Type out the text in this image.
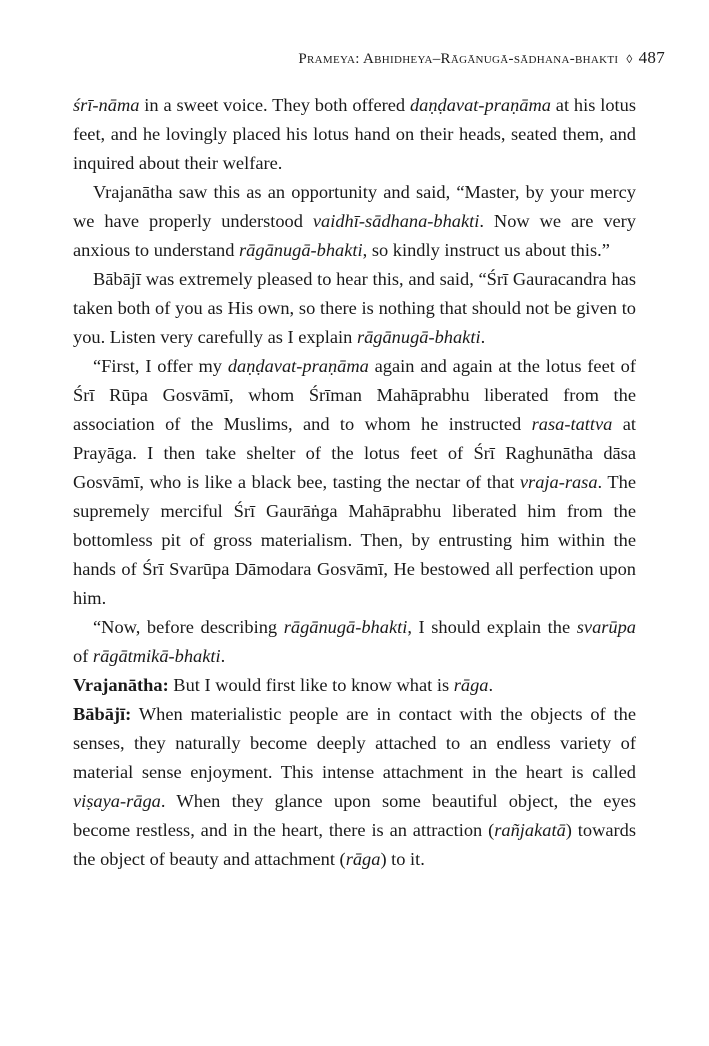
Prameya: Abhidheya–Rāgānugā-sādhana-bhakti ◊ 487

śrī-nāma in a sweet voice. They both offered daṇḍavat-praṇāma at his lotus feet, and he lovingly placed his lotus hand on their heads, seated them, and inquired about their welfare.

Vrajanātha saw this as an opportunity and said, “Master, by your mercy we have properly understood vaidhī-sādhana-bhakti. Now we are very anxious to understand rāgānugā-bhakti, so kindly instruct us about this.”

Bābājī was extremely pleased to hear this, and said, “Śrī Gauracandra has taken both of you as His own, so there is nothing that should not be given to you. Listen very carefully as I explain rāgānugā-bhakti.

“First, I offer my daṇḍavat-praṇāma again and again at the lotus feet of Śrī Rūpa Gosvāmī, whom Śrīman Mahāprabhu liberated from the association of the Muslims, and to whom he instructed rasa-tattva at Prayāga. I then take shelter of the lotus feet of Śrī Raghunātha dāsa Gosvāmī, who is like a black bee, tasting the nectar of that vraja-rasa. The supremely merciful Śrī Gaurāṅga Mahāprabhu liberated him from the bottomless pit of gross materialism. Then, by entrusting him within the hands of Śrī Svarūpa Dāmodara Gosvāmī, He bestowed all perfection upon him.

“Now, before describing rāgānugā-bhakti, I should explain the svarūpa of rāgātmikā-bhakti.

Vrajanātha: But I would first like to know what is rāga.

Bābājī: When materialistic people are in contact with the objects of the senses, they naturally become deeply attached to an endless variety of material sense enjoyment. This intense attachment in the heart is called viṣaya-rāga. When they glance upon some beautiful object, the eyes become restless, and in the heart, there is an attraction (rañjakatā) towards the object of beauty and attachment (rāga) to it.
